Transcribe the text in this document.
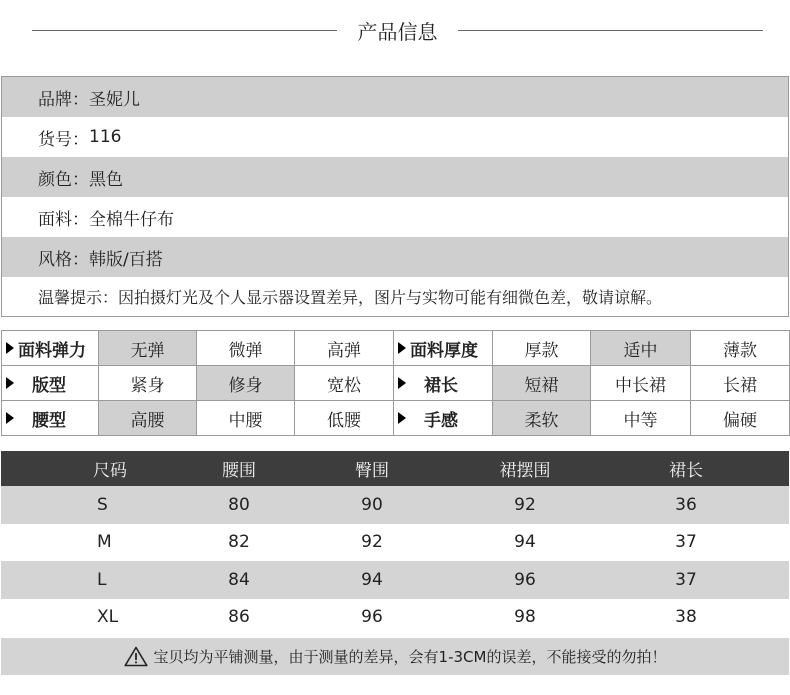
产品信息
品牌： 圣妮儿
货号： 116
颜色： 黑色
面料： 全棉牛仔布
风格： 韩版/百搭
温馨提示： 因拍摄灯光及个人显示器设置差异，图片与实物可能有细微色差，敬请谅解。
面料弹力	无弹	微弹	高弹	面料厚度	厚款	适中	薄款
版型	紧身	修身	宽松	裙长	短裙	中长裙	长裙
腰型	高腰	中腰	低腰	手感	柔软	中等	偏硬
尺码	腰围	臀围	裙摆围	裙长
S	80	90	92	36
M	82	92	94	37
L	84	94	96	37
XL	86	96	98	38
宝贝均为平铺测量，由于测量的差异，会有1-3CM的误差，不能接受的勿拍！
